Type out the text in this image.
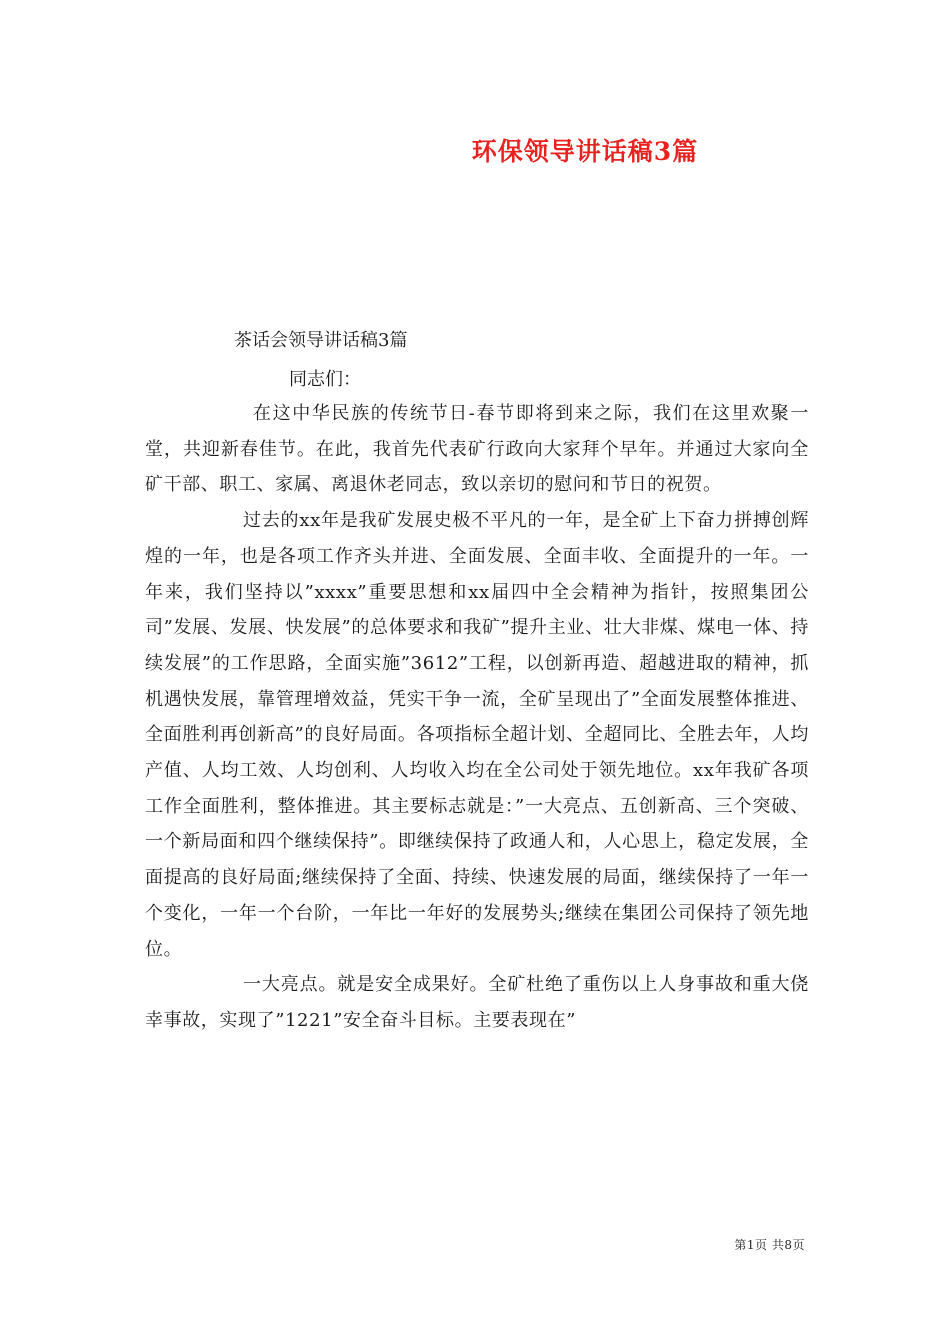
环保领导讲话稿3篇
茶话会领导讲话稿3篇
同志们：

在这中华民族的传统节日-春节即将到来之际，我们在这里欢聚一堂，共迎新春佳节。在此，我首先代表矿行政向大家拜个早年。并通过大家向全矿干部、职工、家属、离退休老同志，致以亲切的慰问和节日的祝贺。

过去的xx年是我矿发展史极不平凡的一年，是全矿上下奋力拼搏创辉煌的一年，也是各项工作齐头并进、全面发展、全面丰收、全面提升的一年。一年来，我们坚持以”xxxx”重要思想和xx届四中全会精神为指针，按照集团公司”发展、发展、快发展”的总体要求和我矿”提升主业、壮大非煤、煤电一体、持续发展”的工作思路，全面实施”3612”工程，以创新再造、超越进取的精神，抓机遇快发展，靠管理增效益，凭实干争一流，全矿呈现出了”全面发展整体推进、全面胜利再创新高”的良好局面。各项指标全超计划、全超同比、全胜去年，人均产值、人均工效、人均创利、人均收入均在全公司处于领先地位。xx年我矿各项工作全面胜利，整体推进。其主要标志就是：”一大亮点、五创新高、三个突破、一个新局面和四个继续保持”。即继续保持了政通人和，人心思上，稳定发展，全面提高的良好局面;继续保持了全面、持续、快速发展的局面，继续保持了一年一个变化，一年一个台阶，一年比一年好的发展势头;继续在集团公司保持了领先地位。

一大亮点。就是安全成果好。全矿杜绝了重伤以上人身事故和重大侥幸事故，实现了”1221”安全奋斗目标。主要表现在”

第1页 共8页
